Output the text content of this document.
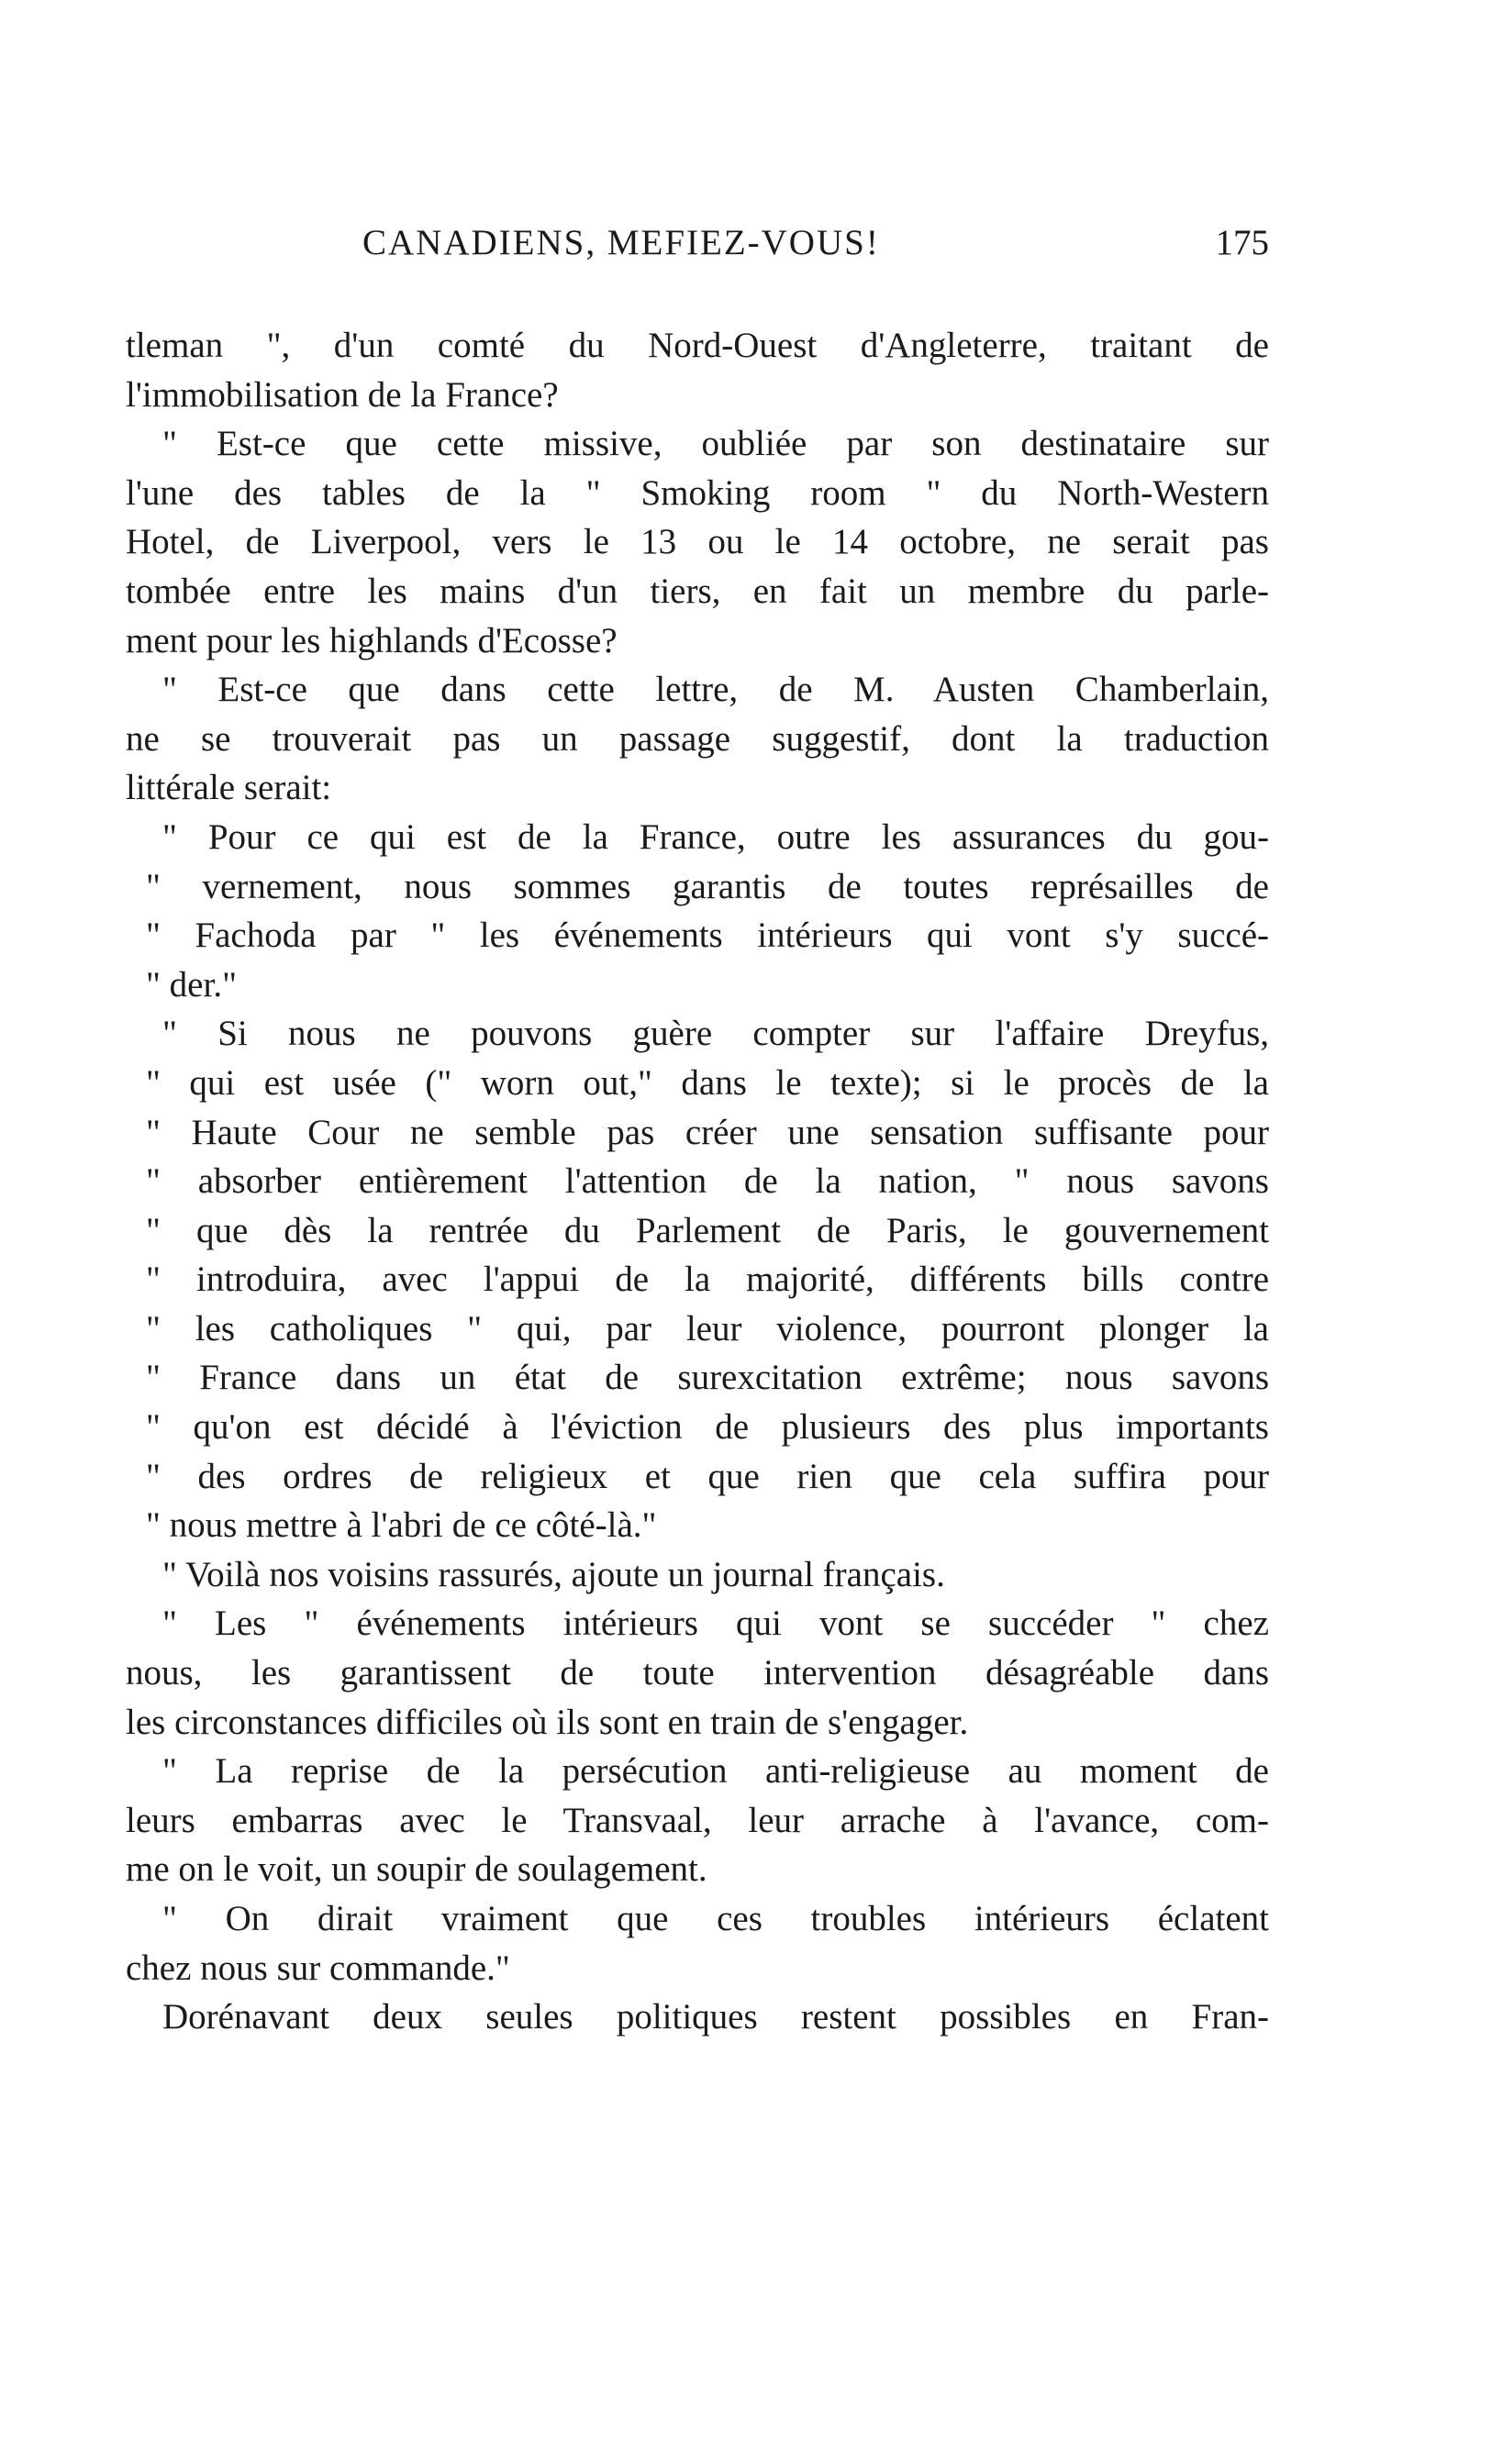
CANADIENS, MEFIEZ-VOUS!	175
tleman ", d'un comté du Nord-Ouest d'Angleterre, traitant de
l'immobilisation de la France?
" Est-ce que cette missive, oubliée par son destinataire sur
l'une des tables de la " Smoking room " du North-Western
Hotel, de Liverpool, vers le 13 ou le 14 octobre, ne serait pas
tombée entre les mains d'un tiers, en fait un membre du parle-
ment pour les highlands d'Ecosse?
" Est-ce que dans cette lettre, de M. Austen Chamberlain,
ne se trouverait pas un passage suggestif, dont la traduction
littérale serait:
" Pour ce qui est de la France, outre les assurances du gou-
" vernement, nous sommes garantis de toutes représailles de
" Fachoda par " les événements intérieurs qui vont s'y succé-
" der."
" Si nous ne pouvons guère compter sur l'affaire Dreyfus,
" qui est usée (" worn out," dans le texte); si le procès de la
" Haute Cour ne semble pas créer une sensation suffisante pour
" absorber entièrement l'attention de la nation, " nous savons
" que dès la rentrée du Parlement de Paris, le gouvernement
" introduira, avec l'appui de la majorité, différents bills contre
" les catholiques " qui, par leur violence, pourront plonger la
" France dans un état de surexcitation extrême; nous savons
" qu'on est décidé à l'éviction de plusieurs des plus importants
" des ordres de religieux et que rien que cela suffira pour
" nous mettre à l'abri de ce côté-là."
" Voilà nos voisins rassurés, ajoute un journal français.
" Les " événements intérieurs qui vont se succéder " chez
nous, les garantissent de toute intervention désagréable dans
les circonstances difficiles où ils sont en train de s'engager.
" La reprise de la persécution anti-religieuse au moment de
leurs embarras avec le Transvaal, leur arrache à l'avance, com-
me on le voit, un soupir de soulagement.
" On dirait vraiment que ces troubles intérieurs éclatent
chez nous sur commande."
Dorénavant deux seules politiques restent possibles en Fran-
